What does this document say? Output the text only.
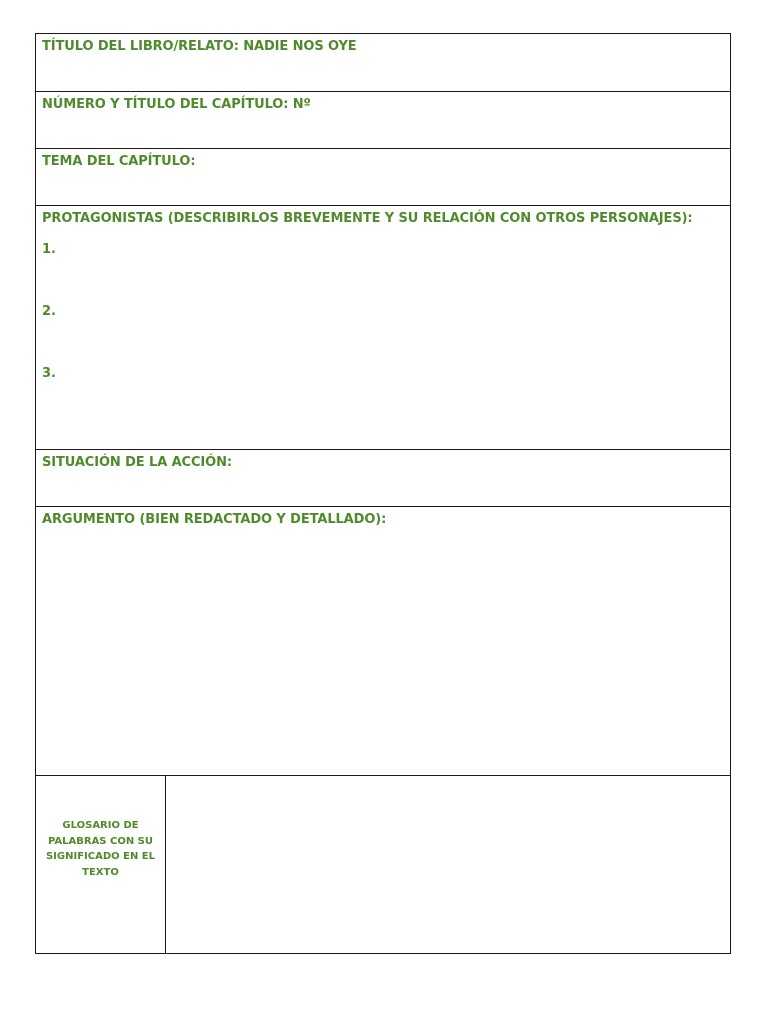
TÍTULO DEL LIBRO/RELATO: NADIE NOS OYE
NÚMERO Y TÍTULO DEL CAPÍTULO: Nº
TEMA DEL CAPÍTULO:
PROTAGONISTAS (DESCRIBIRLOS BREVEMENTE Y SU RELACIÓN CON OTROS PERSONAJES):
1.
2.
3.
SITUACIÓN DE LA ACCIÓN:
ARGUMENTO (BIEN REDACTADO Y DETALLADO):
GLOSARIO DE PALABRAS CON SU SIGNIFICADO EN EL TEXTO
